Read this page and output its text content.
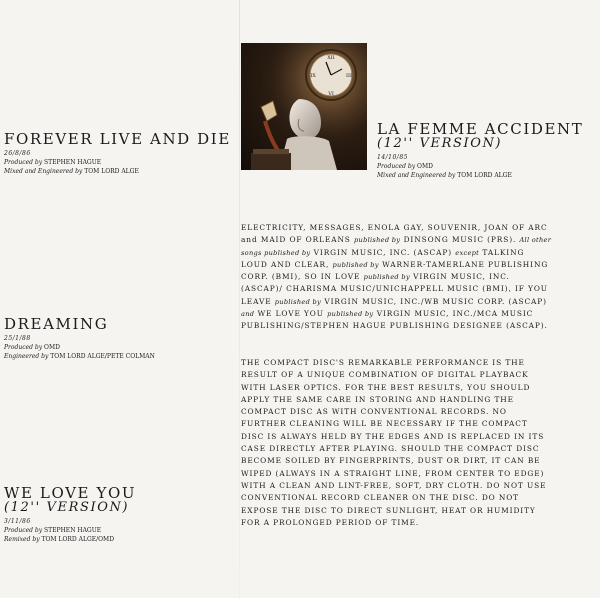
FOREVER LIVE AND DIE
26/8/86
Produced by STEPHEN HAGUE
Mixed and Engineered by TOM LORD ALGE
XII
III
VI
IX
LA FEMME ACCIDENT
(12'' VERSION)
14/10/85
Produced by OMD
Mixed and Engineered by TOM LORD ALGE
DREAMING
25/1/88
Produced by OMD
Engineered by TOM LORD ALGE/PETE COLMAN
WE LOVE YOU
(12'' VERSION)
3/11/86
Produced by STEPHEN HAGUE
Remixed by TOM LORD ALGE/OMD

ELECTRICITY, MESSAGES, ENOLA GAY, SOUVENIR, JOAN OF ARC and MAID OF ORLEANS published by DINSONG MUSIC (PRS). All other songs published by VIRGIN MUSIC, INC. (ASCAP) except TALKING LOUD AND CLEAR, published by WARNER-TAMERLANE PUBLISHING CORP. (BMI), SO IN LOVE published by VIRGIN MUSIC, INC. (ASCAP)/ CHARISMA MUSIC/UNICHAPPELL MUSIC (BMI), IF YOU LEAVE published by VIRGIN MUSIC, INC./WB MUSIC CORP. (ASCAP) and WE LOVE YOU published by VIRGIN MUSIC, INC./MCA MUSIC PUBLISHING/STEPHEN HAGUE PUBLISHING DESIGNEE (ASCAP).

THE COMPACT DISC'S REMARKABLE PERFORMANCE IS THE RESULT OF A UNIQUE COMBINATION OF DIGITAL PLAYBACK WITH LASER OPTICS. FOR THE BEST RESULTS, YOU SHOULD APPLY THE SAME CARE IN STORING AND HANDLING THE COMPACT DISC AS WITH CONVENTIONAL RECORDS. NO FURTHER CLEANING WILL BE NECESSARY IF THE COMPACT DISC IS ALWAYS HELD BY THE EDGES AND IS REPLACED IN ITS CASE DIRECTLY AFTER PLAYING. SHOULD THE COMPACT DISC BECOME SOILED BY FINGERPRINTS, DUST OR DIRT, IT CAN BE WIPED (ALWAYS IN A STRAIGHT LINE, FROM CENTER TO EDGE) WITH A CLEAN AND LINT-FREE, SOFT, DRY CLOTH. DO NOT USE CONVENTIONAL RECORD CLEANER ON THE DISC. DO NOT EXPOSE THE DISC TO DIRECT SUNLIGHT, HEAT OR HUMIDITY FOR A PROLONGED PERIOD OF TIME.
